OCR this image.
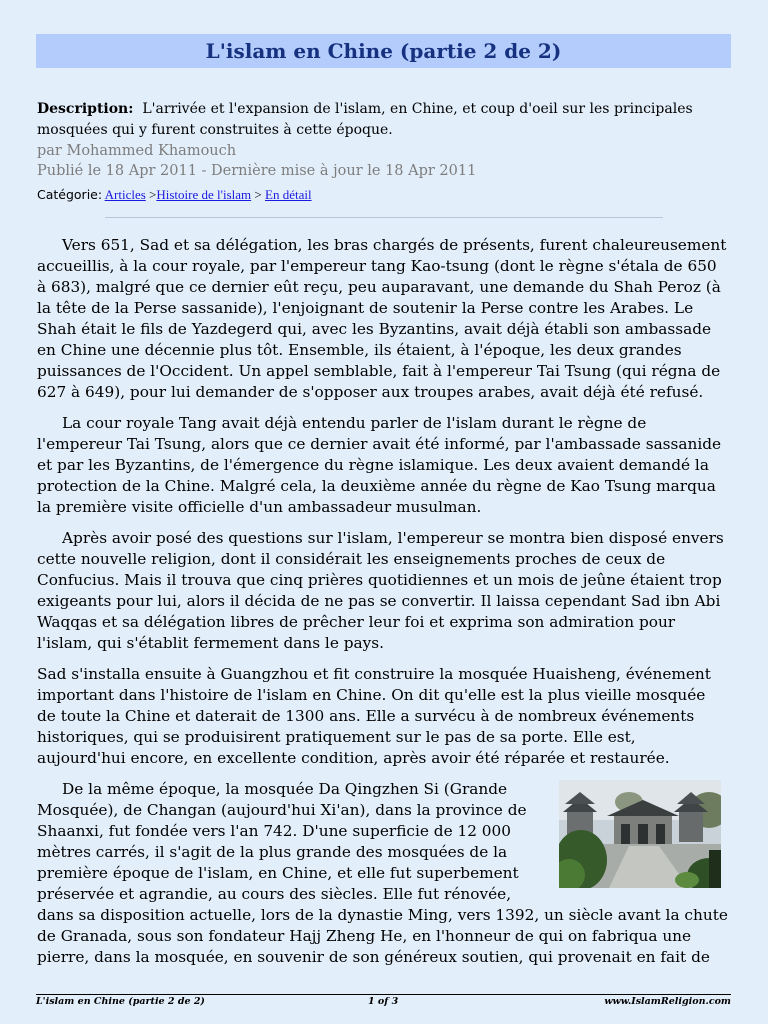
L'islam en Chine (partie 2 de 2)
Description: L'arrivée et l'expansion de l'islam, en Chine, et coup d'oeil sur les principales mosquées qui y furent construites à cette époque.
par Mohammed Khamouch
Publié le 18 Apr 2011 - Dernière mise à jour le 18 Apr 2011
Catégorie: Articles >Histoire de l'islam > En détail

Vers 651, Sad et sa délégation, les bras chargés de présents, furent chaleureusement accueillis, à la cour royale, par l'empereur tang Kao-tsung (dont le règne s'étala de 650 à 683), malgré que ce dernier eût reçu, peu auparavant, une demande du Shah Peroz (à la tête de la Perse sassanide), l'enjoignant de soutenir la Perse contre les Arabes. Le Shah était le fils de Yazdegerd qui, avec les Byzantins, avait déjà établi son ambassade en Chine une décennie plus tôt. Ensemble, ils étaient, à l'époque, les deux grandes puissances de l'Occident. Un appel semblable, fait à l'empereur Tai Tsung (qui régna de 627 à 649), pour lui demander de s'opposer aux troupes arabes, avait déjà été refusé.

La cour royale Tang avait déjà entendu parler de l'islam durant le règne de l'empereur Tai Tsung, alors que ce dernier avait été informé, par l'ambassade sassanide et par les Byzantins, de l'émergence du règne islamique. Les deux avaient demandé la protection de la Chine. Malgré cela, la deuxième année du règne de Kao Tsung marqua la première visite officielle d'un ambassadeur musulman.

Après avoir posé des questions sur l'islam, l'empereur se montra bien disposé envers cette nouvelle religion, dont il considérait les enseignements proches de ceux de Confucius. Mais il trouva que cinq prières quotidiennes et un mois de jeûne étaient trop exigeants pour lui, alors il décida de ne pas se convertir. Il laissa cependant Sad ibn Abi Waqqas et sa délégation libres de prêcher leur foi et exprima son admiration pour l'islam, qui s'établit fermement dans le pays.

Sad s'installa ensuite à Guangzhou et fit construire la mosquée Huaisheng, événement important dans l'histoire de l'islam en Chine. On dit qu'elle est la plus vieille mosquée de toute la Chine et daterait de 1300 ans. Elle a survécu à de nombreux événements historiques, qui se produisirent pratiquement sur le pas de sa porte. Elle est, aujourd'hui encore, en excellente condition, après avoir été réparée et restaurée.

De la même époque, la mosquée Da Qingzhen Si (Grande Mosquée), de Changan (aujourd'hui Xi'an), dans la province de Shaanxi, fut fondée vers l'an 742. D'une superficie de 12 000 mètres carrés, il s'agit de la plus grande des mosquées de la première époque de l'islam, en Chine, et elle fut superbement préservée et agrandie, au cours des siècles. Elle fut rénovée, dans sa disposition actuelle, lors de la dynastie Ming, vers 1392, un siècle avant la chute de Granada, sous son fondateur Hajj Zheng He, en l'honneur de qui on fabriqua une pierre, dans la mosquée, en souvenir de son généreux soutien, qui provenait en fait de

L'islam en Chine (partie 2 de 2)	1 of 3	www.IslamReligion.com
